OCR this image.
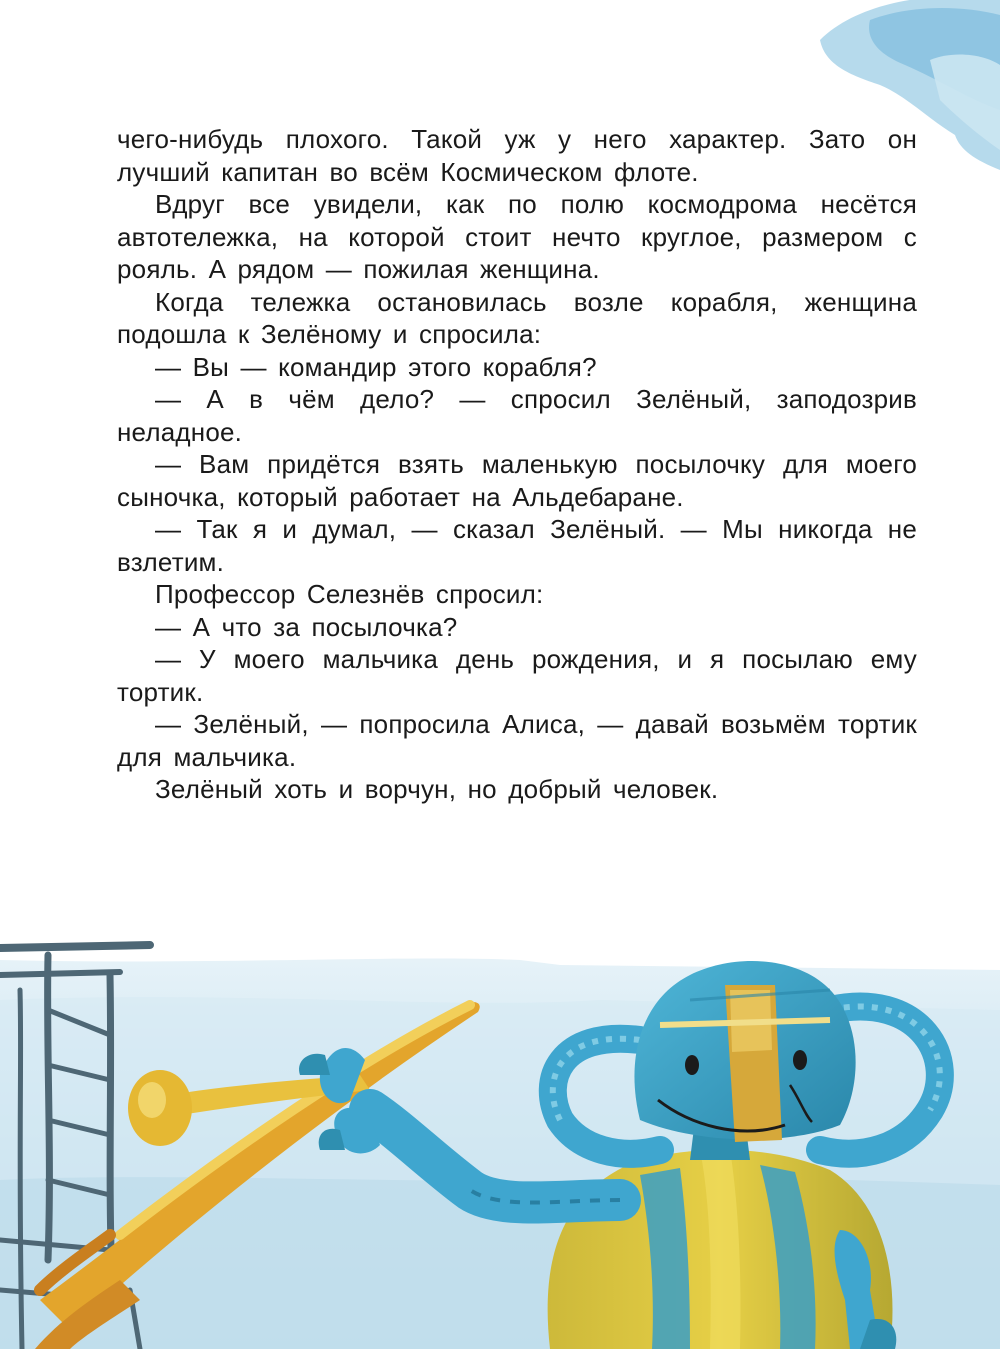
чего-нибудь плохого. Такой уж у него характер. Зато он лучший капитан во всём Космическом флоте.

Вдруг все увидели, как по полю космодрома несётся автотележка, на которой стоит нечто круглое, размером с рояль. А рядом — пожилая женщина.

Когда тележка остановилась возле корабля, женщина подошла к Зелёному и спросила:

— Вы — командир этого корабля?

— А в чём дело? — спросил Зелёный, заподозрив неладное.

— Вам придётся взять маленькую посылочку для моего сыночка, который работает на Альдебаране.

— Так я и думал, — сказал Зелёный. — Мы никогда не взлетим.

Профессор Селезнёв спросил:

— А что за посылочка?

— У моего мальчика день рождения, и я посылаю ему тортик.

— Зелёный, — попросила Алиса, — давай возьмём тортик для мальчика.

Зелёный хоть и ворчун, но добрый человек.
